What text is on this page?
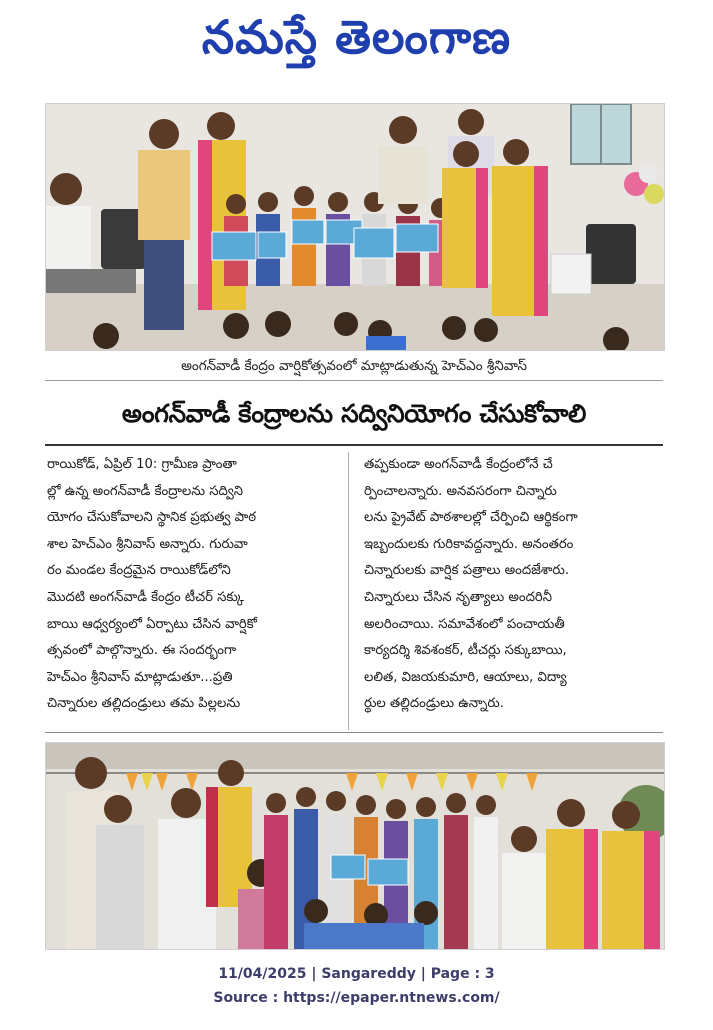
నమస్తే తెలంగాణ
అంగన్‌వాడీ కేంద్రం వార్షికోత్సవంలో మాట్లాడుతున్న హెచ్‌ఎం శ్రీనివాస్
అంగన్‌వాడీ కేంద్రాలను సద్వినియోగం చేసుకోవాలి
రాయికోడ్, ఏప్రిల్ 10: గ్రామీణ ప్రాంతా
ల్లో ఉన్న అంగన్‌వాడీ కేంద్రాలను సద్విని
యోగం చేసుకోవాలని స్థానిక ప్రభుత్వ పాఠ
శాల హెచ్‌ఎం శ్రీనివాస్ అన్నారు. గురువా
రం మండల కేంద్రమైన రాయికోడ్‌లోని
మొదటి అంగన్‌వాడీ కేంద్రం టీచర్ సక్కు
బాయి ఆధ్వర్యంలో ఏర్పాటు చేసిన వార్షికో
త్సవంలో పాల్గొన్నారు. ఈ సందర్భంగా
హెచ్‌ఎం శ్రీనివాస్ మాట్లాడుతూ...ప్రతి
చిన్నారుల తల్లిదండ్రులు తమ పిల్లలను
తప్పకుండా అంగన్‌వాడీ కేంద్రంలోనే చే
ర్పించాలన్నారు. అనవసరంగా చిన్నారు
లను ప్రైవేట్ పాఠశాలల్లో చేర్పించి ఆర్థికంగా
ఇబ్బందులకు గురికావద్దన్నారు. అనంతరం
చిన్నారులకు వార్షిక పత్రాలు అందజేశారు.
చిన్నారులు చేసిన నృత్యాలు అందరినీ
అలరించాయి. సమావేశంలో పంచాయతీ
కార్యదర్శి శివశంకర్, టీచర్లు సక్కుబాయి,
లలిత, విజయకుమారి, ఆయాలు, విద్యా
ర్థుల తల్లిదండ్రులు ఉన్నారు.
11/04/2025 | Sangareddy | Page : 3
Source : https://epaper.ntnews.com/
